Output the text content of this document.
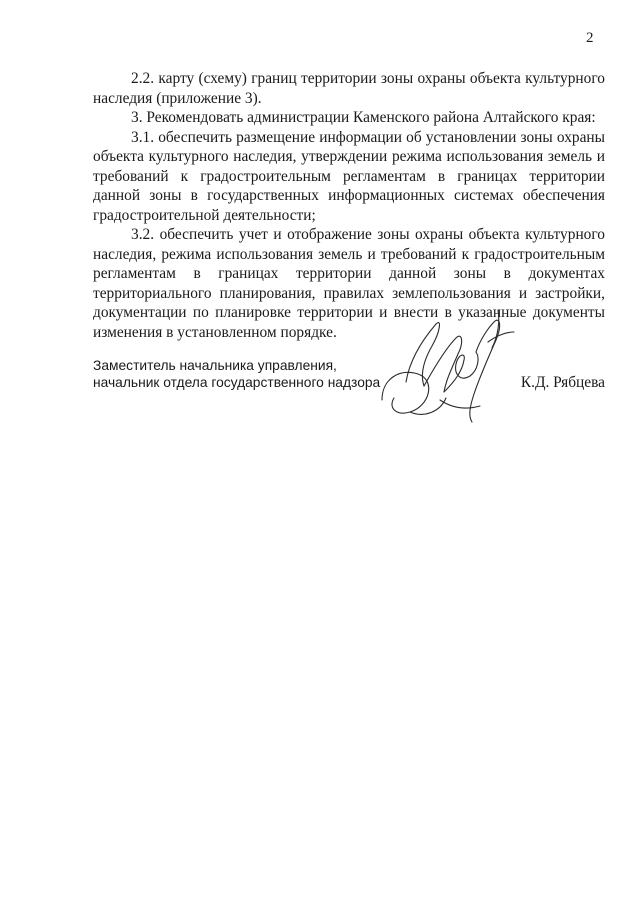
2

2.2. карту (схему) границ территории зоны охраны объекта культурного наследия (приложение 3).

3. Рекомендовать администрации Каменского района Алтайского края:

3.1. обеспечить размещение информации об установлении зоны охраны объекта культурного наследия, утверждении режима использования земель и требований к градостроительным регламентам в границах территории данной зоны в государственных информационных системах обеспечения градостроительной деятельности;

3.2. обеспечить учет и отображение зоны охраны объекта культурного наследия, режима использования земель и требований к градостроительным регламентам в границах территории данной зоны в документах территориального планирования, правилах землепользования и застройки, документации по планировке территории и внести в указанные документы изменения в установленном порядке.

Заместитель начальника управления,
начальник отдела государственного надзора	К.Д. Рябцева
